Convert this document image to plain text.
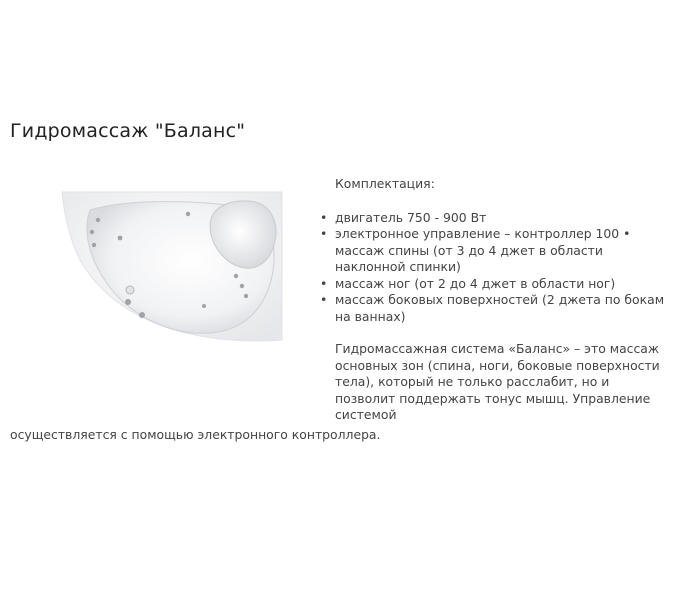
Гидромассаж "Баланс"

Комплектация:

• двигатель 750 - 900 Вт
• электронное управление – контроллер 100 • массаж спины (от 3 до 4 джет в области наклонной спинки)
• массаж ног (от 2 до 4 джет в области ног)
• массаж боковых поверхностей (2 джета по бокам на ваннах)

Гидромассажная система «Баланс» – это массаж основных зон (спина, ноги, боковые поверхности тела), который не только расслабит, но и позволит поддержать тонус мышц. Управление системой

осуществляется с помощью электронного контроллера.
